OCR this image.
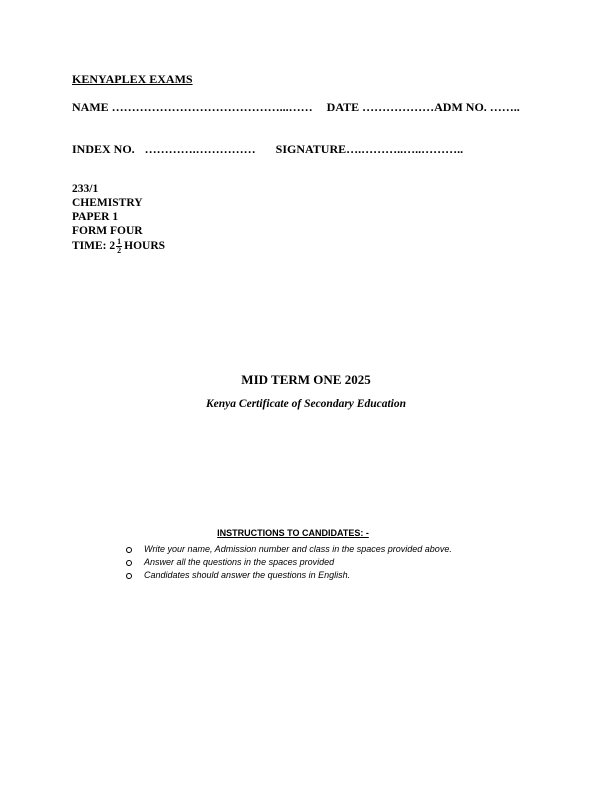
KENYAPLEX EXAMS
NAME ……………………………………...…… DATE ………………ADM NO. ……..
INDEX NO. ………….…………… SIGNATURE….………..…..………..
233/1
CHEMISTRY
PAPER 1
FORM FOUR
TIME: $2 \frac{1}{2}$ HOURS
MID TERM ONE 2025
Kenya Certificate of Secondary Education
INSTRUCTIONS TO CANDIDATES: -
Write your name, Admission number and class in the spaces provided above.
Answer all the questions in the spaces provided
Candidates should answer the questions in English.
